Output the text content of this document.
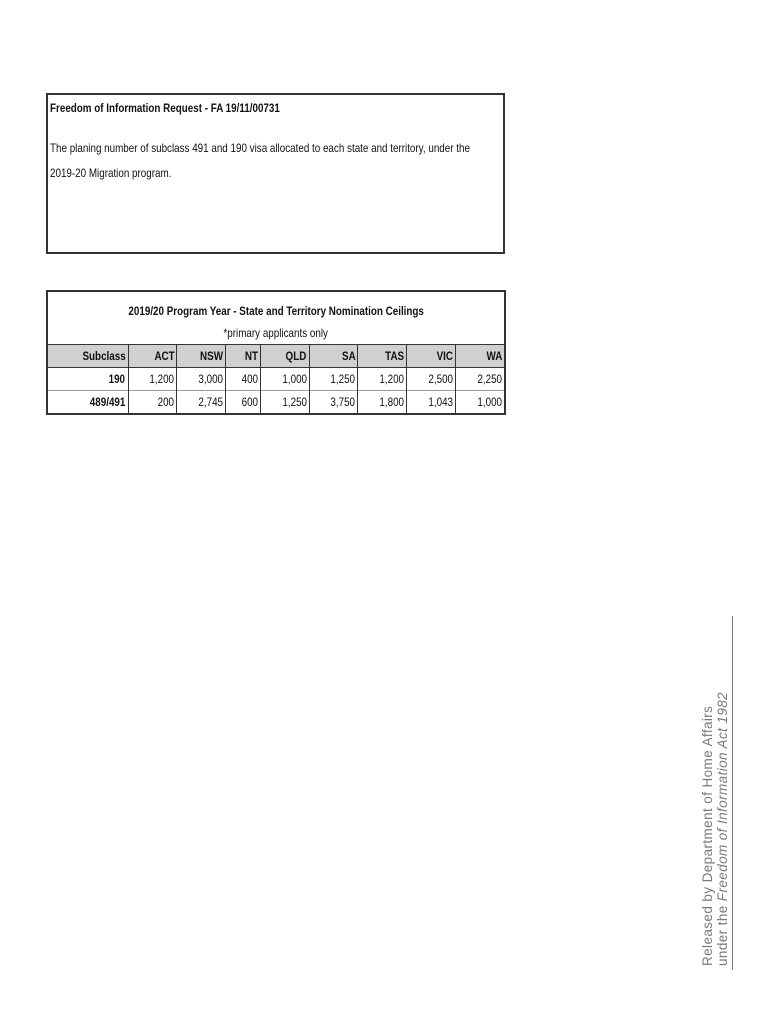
Freedom of Information Request - FA 19/11/00731

The planing number of subclass 491 and 190 visa allocated to each state and territory, under the 2019-20 Migration program.
2019/20 Program Year - State and Territory Nomination Ceilings								
*primary applicants only								
Subclass	ACT	NSW	NT	QLD	SA	TAS	VIC	WA
190	1,200	3,000	400	1,000	1,250	1,200	2,500	2,250
489/491	200	2,745	600	1,250	3,750	1,800	1,043	1,000
Released by Department of Home Affairs under the Freedom of Information Act 1982
